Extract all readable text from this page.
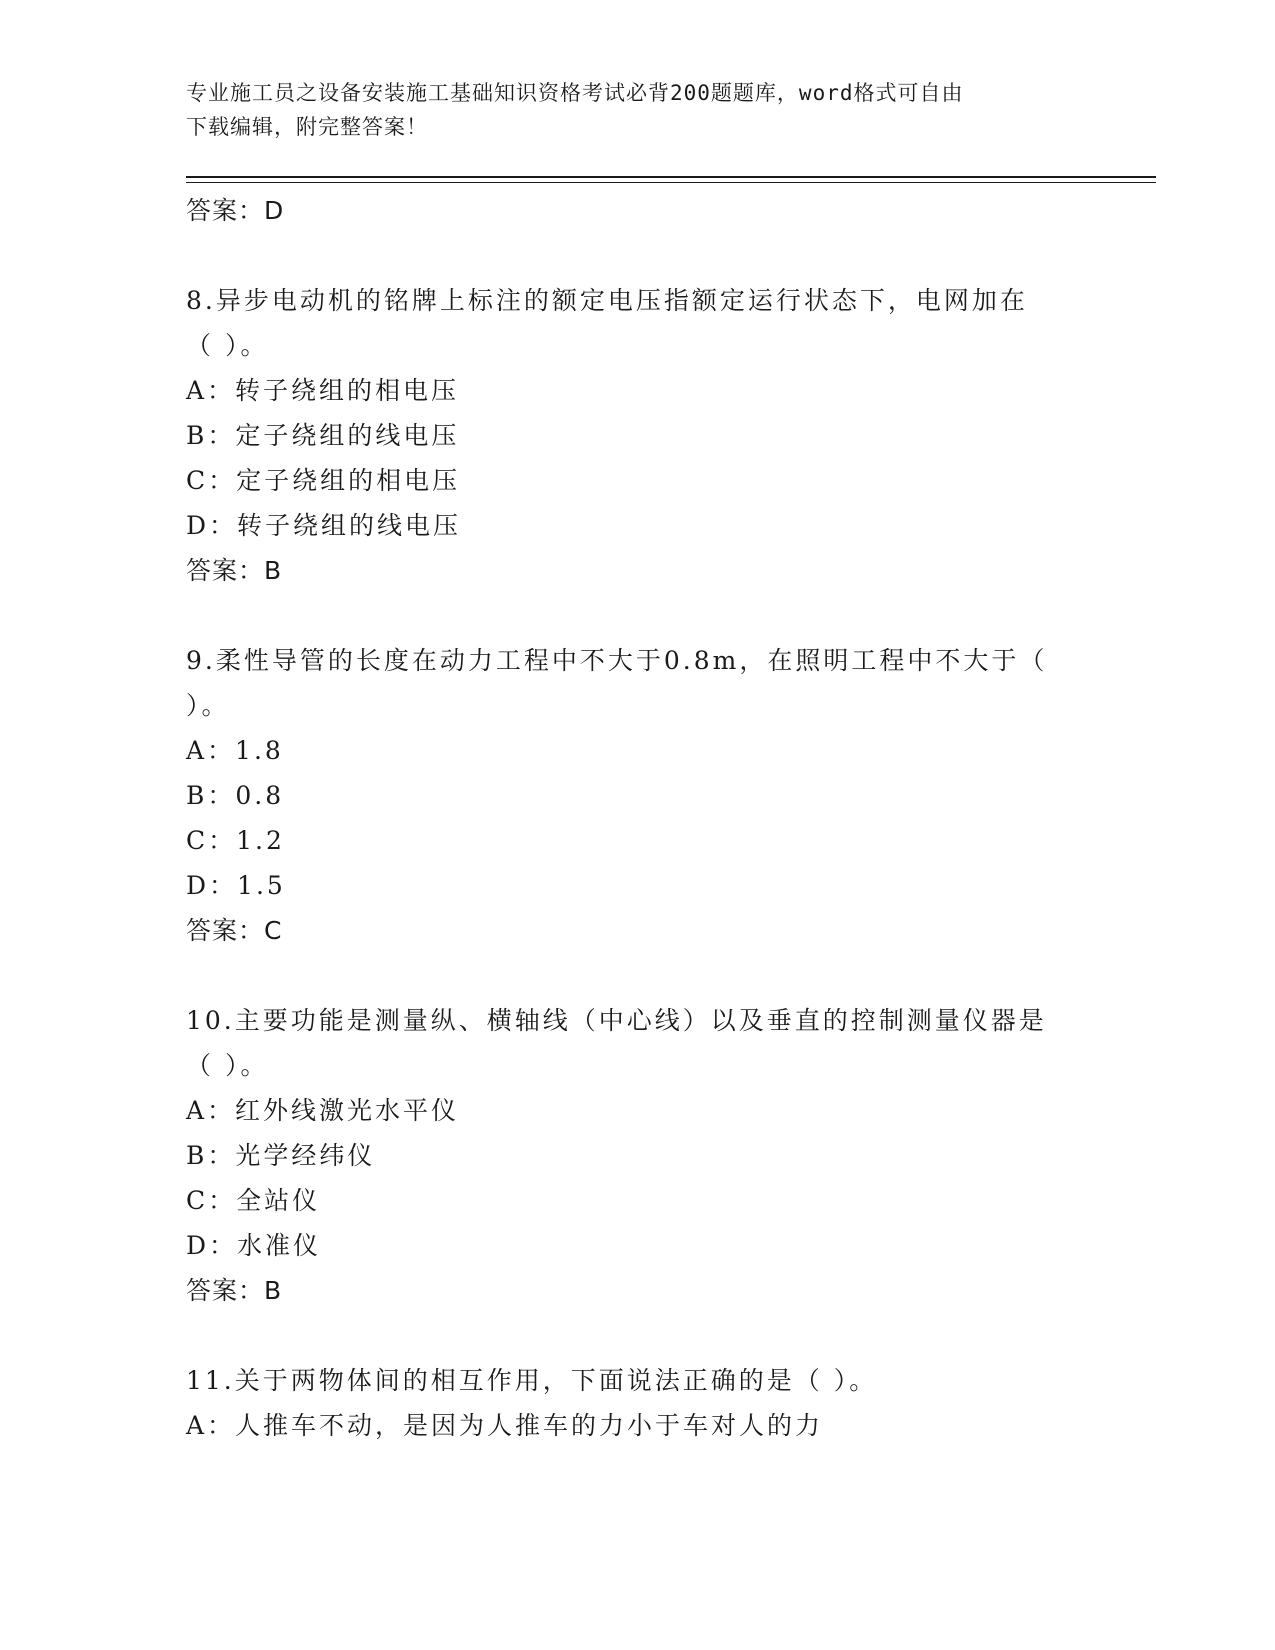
专业施工员之设备安装施工基础知识资格考试必背200题题库，word格式可自由
下载编辑，附完整答案！
答案：D
8.异步电动机的铭牌上标注的额定电压指额定运行状态下，电网加在
（ ）。
A：转子绕组的相电压
B：定子绕组的线电压
C：定子绕组的相电压
D：转子绕组的线电压
答案：B
9.柔性导管的长度在动力工程中不大于0.8m，在照明工程中不大于（
）。
A：1.8
B：0.8
C：1.2
D：1.5
答案：C
10.主要功能是测量纵、横轴线（中心线）以及垂直的控制测量仪器是
（ ）。
A：红外线激光水平仪
B：光学经纬仪
C：全站仪
D：水准仪
答案：B
11.关于两物体间的相互作用，下面说法正确的是（ ）。
A：人推车不动，是因为人推车的力小于车对人的力
